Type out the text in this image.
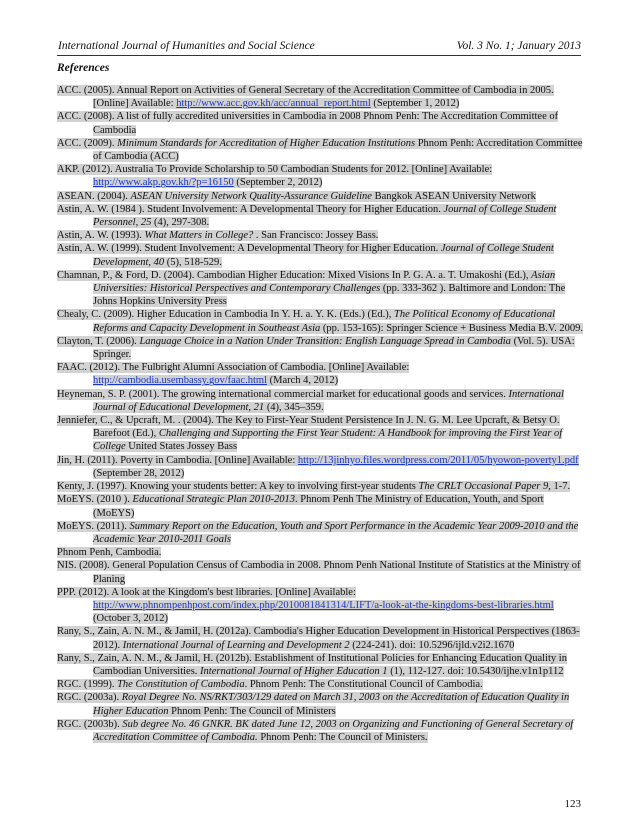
International Journal of Humanities and Social Science	Vol. 3 No. 1; January 2013
References

ACC. (2005). Annual Report on Activities of General Secretary of the Accreditation Committee of Cambodia in 2005. [Online] Available: http://www.acc.gov.kh/acc/annual_report.html (September 1, 2012)

ACC. (2008). A list of fully accredited universities in Cambodia in 2008 Phnom Penh: The Accreditation Committee of Cambodia

ACC. (2009). Minimum Standards for Accreditation of Higher Education Institutions Phnom Penh: Accreditation Committee of Cambodia (ACC)

AKP. (2012). Australia To Provide Scholarship to 50 Cambodian Students for 2012. [Online] Available: http://www.akp.gov.kh/?p=16150 (September 2, 2012)

ASEAN. (2004). ASEAN University Network Quality-Assurance Guideline Bangkok ASEAN University Network

Astin, A. W. (1984 ). Student Involvement: A Developmental Theory for Higher Education. Journal of College Student Personnel, 25 (4), 297-308.

Astin, A. W. (1993). What Matters in College? . San Francisco: Jossey Bass.

Astin, A. W. (1999). Student Involvement: A Developmental Theory for Higher Education. Journal of College Student Development, 40 (5), 518-529.

Chamnan, P., & Ford, D. (2004). Cambodian Higher Education: Mixed Visions In P. G. A. a. T. Umakoshi (Ed.), Asian Universities: Historical Perspectives and Contemporary Challenges (pp. 333-362 ). Baltimore and London: The Johns Hopkins University Press

Chealy, C. (2009). Higher Education in Cambodia In Y. H. a. Y. K. (Eds.) (Ed.), The Political Economy of Educational Reforms and Capacity Development in Southeast Asia (pp. 153-165): Springer Science + Business Media B.V. 2009.

Clayton, T. (2006). Language Choice in a Nation Under Transition: English Language Spread in Cambodia (Vol. 5). USA: Springer.

FAAC. (2012). The Fulbright Alumni Association of Cambodia. [Online] Available: http://cambodia.usembassy.gov/faac.html (March 4, 2012)

Heyneman, S. P. (2001). The growing international commercial market for educational goods and services. International Journal of Educational Development, 21 (4), 345–359.

Jenniefer, C., & Upcraft, M. . (2004). The Key to First-Year Student Persistence In J. N. G. M. Lee Upcraft, & Betsy O. Barefoot (Ed.), Challenging and Supporting the First Year Student: A Handbook for improving the First Year of College United States Jossey Bass

Jin, H. (2011). Poverty in Cambodia. [Online] Available: http://13jinhyo.files.wordpress.com/2011/05/hyowon-poverty1.pdf (September 28, 2012)

Kenty, J. (1997). Knowing your students better: A key to involving first-year students The CRLT Occasional Paper 9, 1-7.

MoEYS. (2010 ). Educational Strategic Plan 2010-2013. Phnom Penh The Ministry of Education, Youth, and Sport (MoEYS)

MoEYS. (2011). Summary Report on the Education, Youth and Sport Performance in the Academic Year 2009-2010 and the Academic Year 2010-2011 Goals

Phnom Penh, Cambodia.

NIS. (2008). General Population Census of Cambodia in 2008. Phnom Penh National Institute of Statistics at the Ministry of Planing

PPP. (2012). A look at the Kingdom's best libraries. [Online] Available: http://www.phnompenhpost.com/index.php/2010081841314/LIFT/a-look-at-the-kingdoms-best-libraries.html (October 3, 2012)

Rany, S., Zain, A. N. M., & Jamil, H. (2012a). Cambodia's Higher Education Development in Historical Perspectives (1863-2012). International Journal of Learning and Development 2 (224-241). doi: 10.5296/ijld.v2i2.1670

Rany, S., Zain, A. N. M., & Jamil, H. (2012b). Establishment of Institutional Policies for Enhancing Education Quality in Cambodian Universities. International Journal of Higher Education 1 (1), 112-127. doi: 10.5430/ijhe.v1n1p112

RGC. (1999). The Constitution of Cambodia. Phnom Penh: The Constitutional Council of Cambodia.

RGC. (2003a). Royal Degree No. NS/RKT/303/129 dated on March 31, 2003 on the Accreditation of Education Quality in Higher Education Phnom Penh: The Council of Ministers

RGC. (2003b). Sub degree No. 46 GNKR. BK dated June 12, 2003 on Organizing and Functioning of General Secretary of Accreditation Committee of Cambodia. Phnom Penh: The Council of Ministers.

123
